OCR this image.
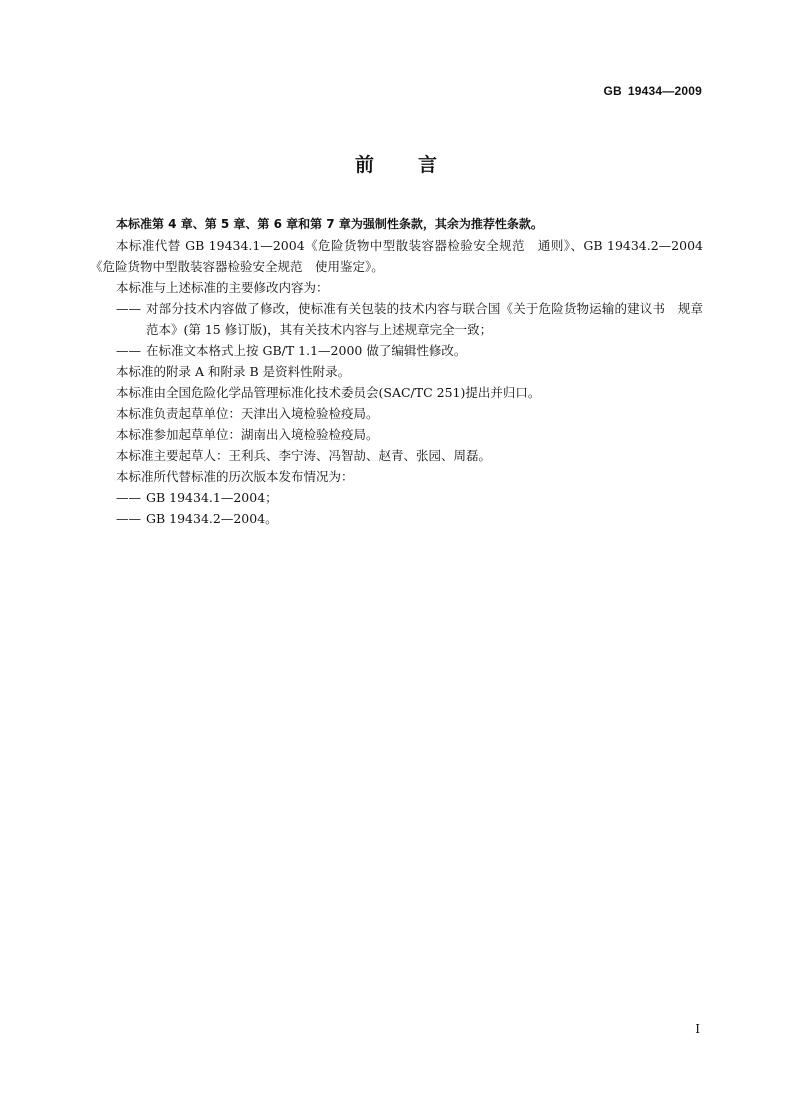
GB 19434—2009
前言

本标准第 4 章、第 5 章、第 6 章和第 7 章为强制性条款，其余为推荐性条款。

本标准代替 GB 19434.1—2004《危险货物中型散装容器检验安全规范　通则》、GB 19434.2—2004《危险货物中型散装容器检验安全规范　使用鉴定》。

本标准与上述标准的主要修改内容为：

—— 对部分技术内容做了修改，使标准有关包装的技术内容与联合国《关于危险货物运输的建议书　规章范本》(第 15 修订版)，其有关技术内容与上述规章完全一致；
—— 在标准文本格式上按 GB/T 1.1—2000 做了编辑性修改。

本标准的附录 A 和附录 B 是资料性附录。

本标准由全国危险化学品管理标准化技术委员会(SAC/TC 251)提出并归口。

本标准负责起草单位：天津出入境检验检疫局。

本标准参加起草单位：湖南出入境检验检疫局。

本标准主要起草人：王利兵、李宁涛、冯智劼、赵青、张园、周磊。

本标准所代替标准的历次版本发布情况为：

—— GB 19434.1—2004；
—— GB 19434.2—2004。
I
